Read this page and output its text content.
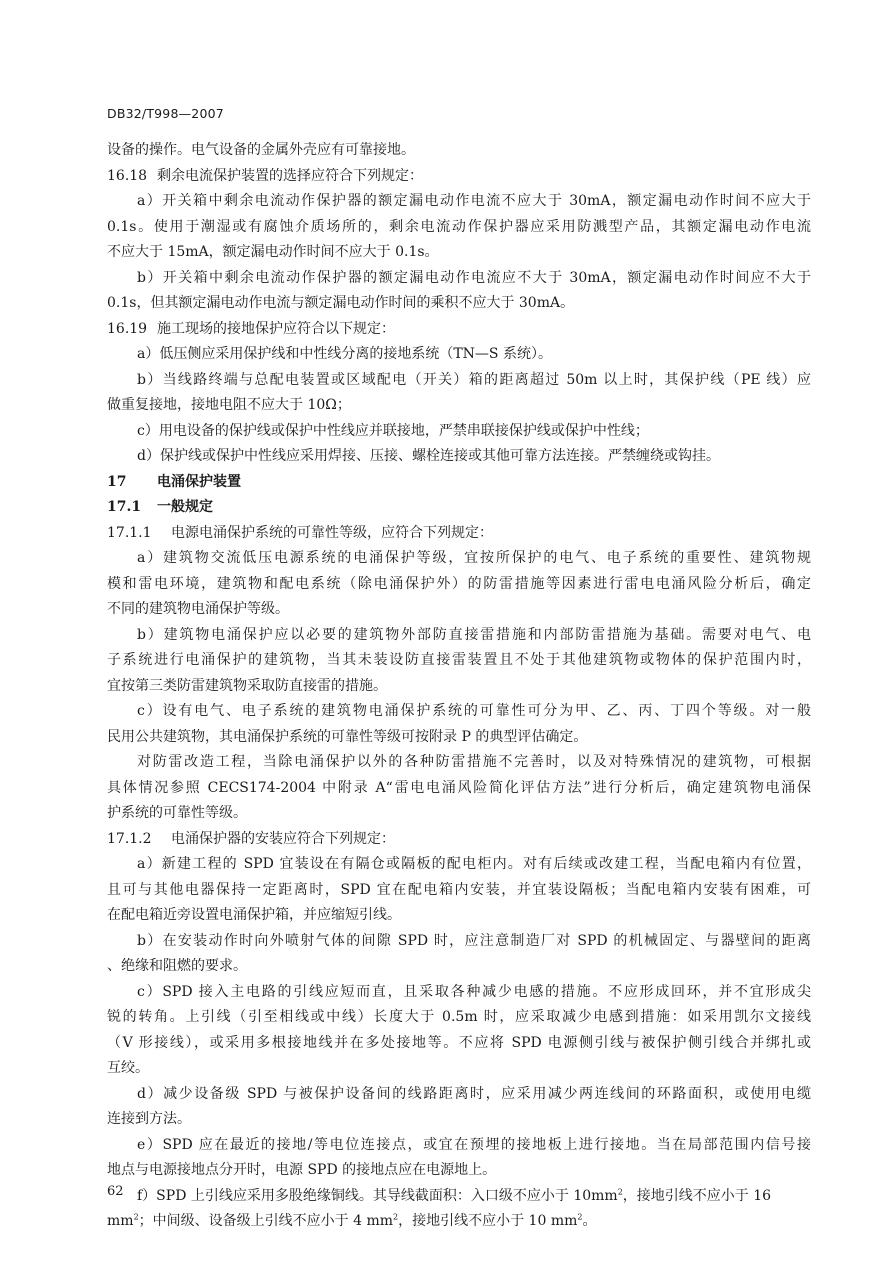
DB32/T998—2007

设备的操作。电气设备的金属外壳应有可靠接地。

16.18 剩余电流保护装置的选择应符合下列规定：

a）开关箱中剩余电流动作保护器的额定漏电动作电流不应大于 30mA，额定漏电动作时间不应大于

0.1s。使用于潮湿或有腐蚀介质场所的，剩余电流动作保护器应采用防溅型产品，其额定漏电动作电流

不应大于 15mA，额定漏电动作时间不应大于 0.1s。

b）开关箱中剩余电流动作保护器的额定漏电动作电流应不大于 30mA，额定漏电动作时间应不大于

0.1s，但其额定漏电动作电流与额定漏电动作时间的乘积不应大于 30mA。

16.19 施工现场的接地保护应符合以下规定：

a）低压侧应采用保护线和中性线分离的接地系统（TN—S 系统）。

b）当线路终端与总配电装置或区域配电（开关）箱的距离超过 50m 以上时，其保护线（PE 线）应

做重复接地，接地电阻不应大于 10Ω；

c）用电设备的保护线或保护中性线应并联接地，严禁串联接保护线或保护中性线；

d）保护线或保护中性线应采用焊接、压接、螺栓连接或其他可靠方法连接。严禁缠绕或钩挂。

17 电涌保护装置

17.1 一般规定

17.1.1 电源电涌保护系统的可靠性等级，应符合下列规定：

a）建筑物交流低压电源系统的电涌保护等级，宜按所保护的电气、电子系统的重要性、建筑物规

模和雷电环境，建筑物和配电系统（除电涌保护外）的防雷措施等因素进行雷电电涌风险分析后，确定

不同的建筑物电涌保护等级。

b）建筑物电涌保护应以必要的建筑物外部防直接雷措施和内部防雷措施为基础。需要对电气、电

子系统进行电涌保护的建筑物，当其未装设防直接雷装置且不处于其他建筑物或物体的保护范围内时，

宜按第三类防雷建筑物采取防直接雷的措施。

c）设有电气、电子系统的建筑物电涌保护系统的可靠性可分为甲、乙、丙、丁四个等级。对一般

民用公共建筑物，其电涌保护系统的可靠性等级可按附录 P 的典型评估确定。

对防雷改造工程，当除电涌保护以外的各种防雷措施不完善时，以及对特殊情况的建筑物，可根据

具体情况参照 CECS174-2004 中附录 A“雷电电涌风险简化评估方法”进行分析后，确定建筑物电涌保

护系统的可靠性等级。

17.1.2 电涌保护器的安装应符合下列规定：

a）新建工程的 SPD 宜装设在有隔仓或隔板的配电柜内。对有后续或改建工程，当配电箱内有位置，

且可与其他电器保持一定距离时，SPD 宜在配电箱内安装，并宜装设隔板；当配电箱内安装有困难，可

在配电箱近旁设置电涌保护箱，并应缩短引线。

b）在安装动作时向外喷射气体的间隙 SPD 时，应注意制造厂对 SPD 的机械固定、与器壁间的距离

、绝缘和阻燃的要求。

c）SPD 接入主电路的引线应短而直，且采取各种减少电感的措施。不应形成回环，并不宜形成尖

锐的转角。上引线（引至相线或中线）长度大于 0.5m 时，应采取减少电感到措施：如采用凯尔文接线

（V 形接线），或采用多根接地线并在多处接地等。不应将 SPD 电源侧引线与被保护侧引线合并绑扎或

互绞。

d）减少设备级 SPD 与被保护设备间的线路距离时，应采用减少两连线间的环路面积，或使用电缆

连接到方法。

e）SPD 应在最近的接地/等电位连接点，或宜在预埋的接地板上进行接地。当在局部范围内信号接

地点与电源接地点分开时，电源 SPD 的接地点应在电源地上。

f）SPD 上引线应采用多股绝缘铜线。其导线截面积：入口级不应小于 $10mm^2$，接地引线不应小于 16

$mm^2$；中间级、设备级上引线不应小于 4 $mm^2$，接地引线不应小于 10 $mm^2$。

62
